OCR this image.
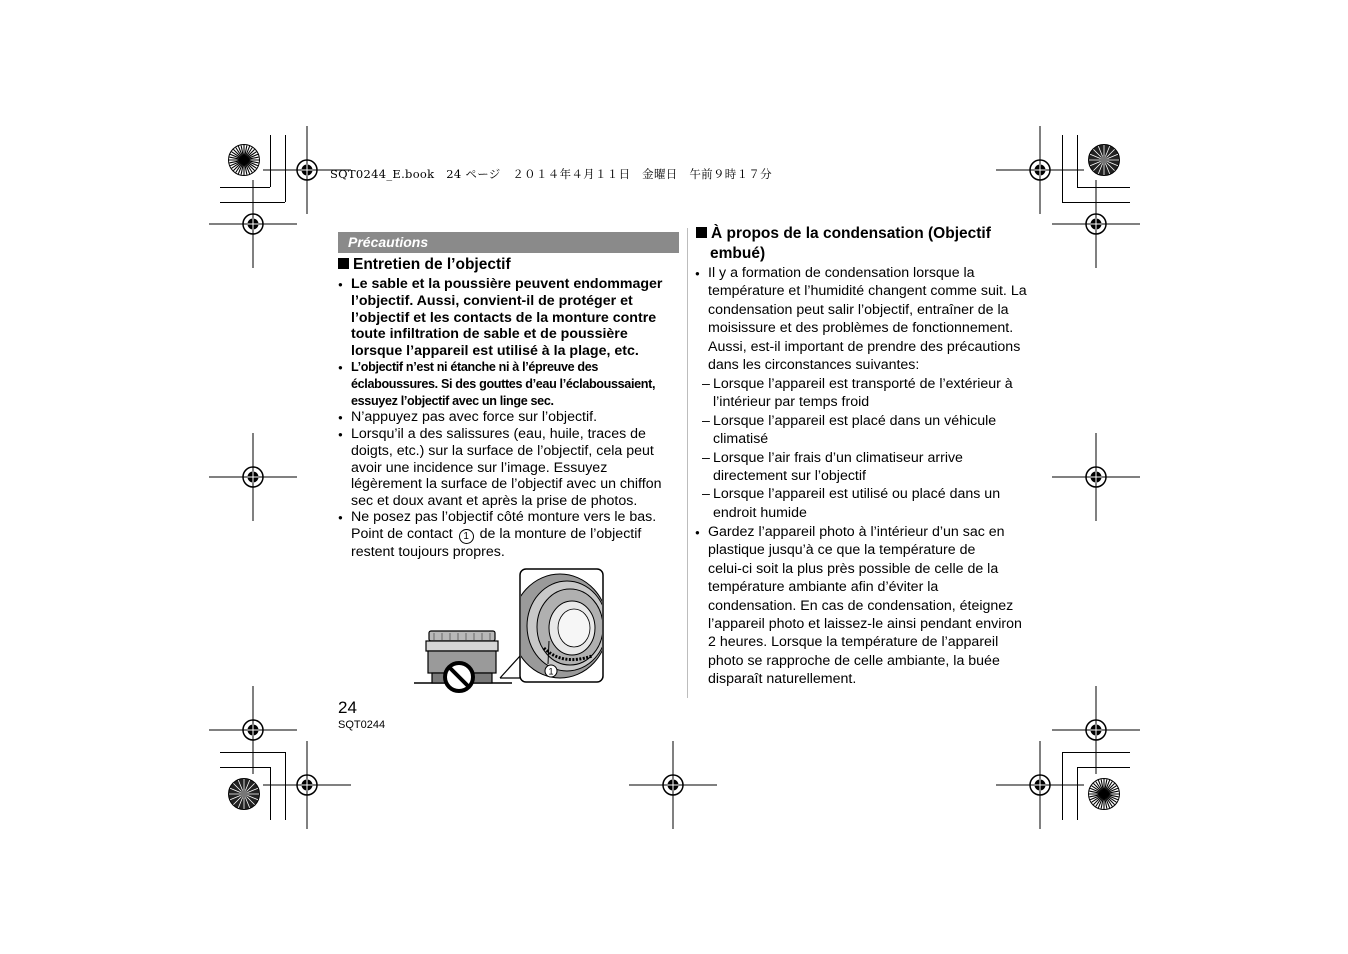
SQT0244_E.book　24 ページ　２０１４年４月１１日　金曜日　午前９時１７分
Précautions
Entretien de l’objectif
● Le sable et la poussière peuvent endommager
l’objectif. Aussi, convient-il de protéger et
l’objectif et les contacts de la monture contre
toute infiltration de sable et de poussière
lorsque l’appareil est utilisé à la plage, etc.
● L’objectif n’est ni étanche ni à l’épreuve des
éclaboussures. Si des gouttes d’eau l’éclaboussaient,
essuyez l’objectif avec un linge sec.
● N’appuyez pas avec force sur l’objectif.
● Lorsqu’il a des salissures (eau, huile, traces de
doigts, etc.) sur la surface de l’objectif, cela peut
avoir une incidence sur l’image. Essuyez
légèrement la surface de l’objectif avec un chiffon
sec et doux avant et après la prise de photos.
● Ne posez pas l’objectif côté monture vers le bas.
Point de contact 1 de la monture de l’objectif
restent toujours propres.
1
24
SQT0244
À propos de la condensation (Objectif
embué)
● Il y a formation de condensation lorsque la
température et l’humidité changent comme suit. La
condensation peut salir l’objectif, entraîner de la
moisissure et des problèmes de fonctionnement.
Aussi, est-il important de prendre des précautions
dans les circonstances suivantes:
– Lorsque l’appareil est transporté de l’extérieur à
l’intérieur par temps froid
– Lorsque l’appareil est placé dans un véhicule
climatisé
– Lorsque l’air frais d’un climatiseur arrive
directement sur l’objectif
– Lorsque l’appareil est utilisé ou placé dans un
endroit humide
● Gardez l’appareil photo à l’intérieur d’un sac en
plastique jusqu’à ce que la température de
celui-ci soit la plus près possible de celle de la
température ambiante afin d’éviter la
condensation. En cas de condensation, éteignez
l’appareil photo et laissez-le ainsi pendant environ
2 heures. Lorsque la température de l’appareil
photo se rapproche de celle ambiante, la buée
disparaît naturellement.
